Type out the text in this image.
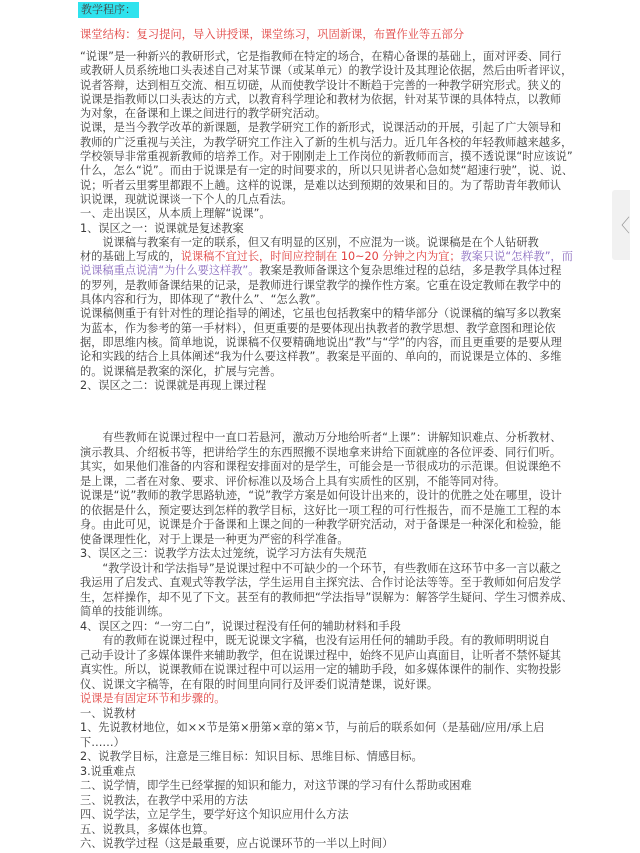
教学程序：
课堂结构：复习提问，导入讲授课，课堂练习，巩固新课，布置作业等五部分
“说课”是一种新兴的教研形式，它是指教师在特定的场合，在精心备课的基础上，面对评委、同行
或教研人员系统地口头表述自己对某节课（或某单元）的教学设计及其理论依据，然后由听者评议，
说者答辩，达到相互交流、相互切磋，从而使教学设计不断趋于完善的一种教学研究形式。狭义的
说课是指教师以口头表达的方式，以教育科学理论和教材为依据，针对某节课的具体特点，以教师
为对象，在备课和上课之间进行的教学研究活动。
说课，是当今教学改革的新课题，是教学研究工作的新形式，说课活动的开展，引起了广大领导和
教师的广泛重视与关注，为教学研究工作注入了新的生机与活力。近几年各校的年轻教师越来越多，
学校领导非常重视新教师的培养工作。对于刚刚走上工作岗位的新教师而言，摸不透说课“时应该说”
什么，怎么“说”。而由于说课是有一定的时间要求的，所以只见讲者心急如焚“超速行驶”，说、说、
说；听者云里雾里都跟不上趟。这样的说课，是难以达到预期的效果和目的。为了帮助青年教师认
识说课，现就说课谈一下个人的几点看法。
一、走出误区，从本质上理解“说课”。
1、误区之一：说课就是复述教案
　　说课稿与教案有一定的联系，但又有明显的区别，不应混为一谈。说课稿是在个人钻研教
材的基础上写成的，说课稿不宜过长，时间应控制在 10~20 分钟之内为宜；教案只说“怎样教”，而
说课稿重点说清“为什么要这样教”。教案是教师备课这个复杂思维过程的总结，多是教学具体过程
的罗列，是教师备课结果的记录，是教师进行课堂教学的操作性方案。它重在设定教师在教学中的
具体内容和行为，即体现了“教什么”、“怎么教”。
说课稿侧重于有针对性的理论指导的阐述，它虽也包括教案中的精华部分（说课稿的编写多以教案
为蓝本，作为参考的第一手材料），但更重要的是要体现出执教者的教学思想、教学意图和理论依
据，即思维内核。简单地说，说课稿不仅要精确地说出“教”与“学”的内容，而且更重要的是要从理
论和实践的结合上具体阐述“我为什么要这样教”。教案是平面的、单向的，而说课是立体的、多维
的。说课稿是教案的深化，扩展与完善。
2、误区之二：说课就是再现上课过程
　　有些教师在说课过程中一直口若悬河，激动万分地给听者“上课”：讲解知识难点、分析教材、
演示教具、介绍板书等，把讲给学生的东西照搬不误地拿来讲给下面就座的各位评委、同行们听。
其实，如果他们准备的内容和课程安排面对的是学生，可能会是一节很成功的示范课。但说课绝不
是上课，二者在对象、要求、评价标准以及场合上具有实质性的区别，不能等同对待。
说课是“说”教师的教学思路轨迹，“说”教学方案是如何设计出来的，设计的优胜之处在哪里，设计
的依据是什么，预定要达到怎样的教学目标，这好比一项工程的可行性报告，而不是施工工程的本
身。由此可见，说课是介于备课和上课之间的一种教学研究活动，对于备课是一种深化和检验，能
使备课理性化，对于上课是一种更为严密的科学准备。
3、误区之三：说教学方法太过笼统，说学习方法有失规范
　　“教学设计和学法指导”是说课过程中不可缺少的一个环节，有些教师在这环节中多一言以蔽之
我运用了启发式、直观式等教学法，学生运用自主探究法、合作讨论法等等。至于教师如何启发学
生，怎样操作，却不见了下文。甚至有的教师把“学法指导”误解为：解答学生疑问、学生习惯养成、
简单的技能训练。
4、误区之四：“一穷二白”，说课过程没有任何的辅助材料和手段
　　有的教师在说课过程中，既无说课文字稿，也没有运用任何的辅助手段。有的教师明明说自
己动手设计了多媒体课件来辅助教学，但在说课过程中，始终不见庐山真面目，让听者不禁怀疑其
真实性。所以，说课教师在说课过程中可以运用一定的辅助手段，如多媒体课件的制作、实物投影
仪、说课文字稿等，在有限的时间里向同行及评委们说清楚课，说好课。
说课是有固定环节和步骤的。
一、说教材
1、先说教材地位，如××节是第×册第×章的第×节，与前后的联系如何（是基础/应用/承上启
下……）
2、说教学目标，注意是三维目标：知识目标、思维目标、情感目标。
3.说重难点
二、说学情，即学生已经掌握的知识和能力，对这节课的学习有什么帮助或困难
三、说教法，在教学中采用的方法
四、说学法，立足学生，要学好这个知识应用什么方法
五、说教具，多媒体也算。
六、说教学过程（这是最重要，应占说课环节的一半以上时间）
〈
